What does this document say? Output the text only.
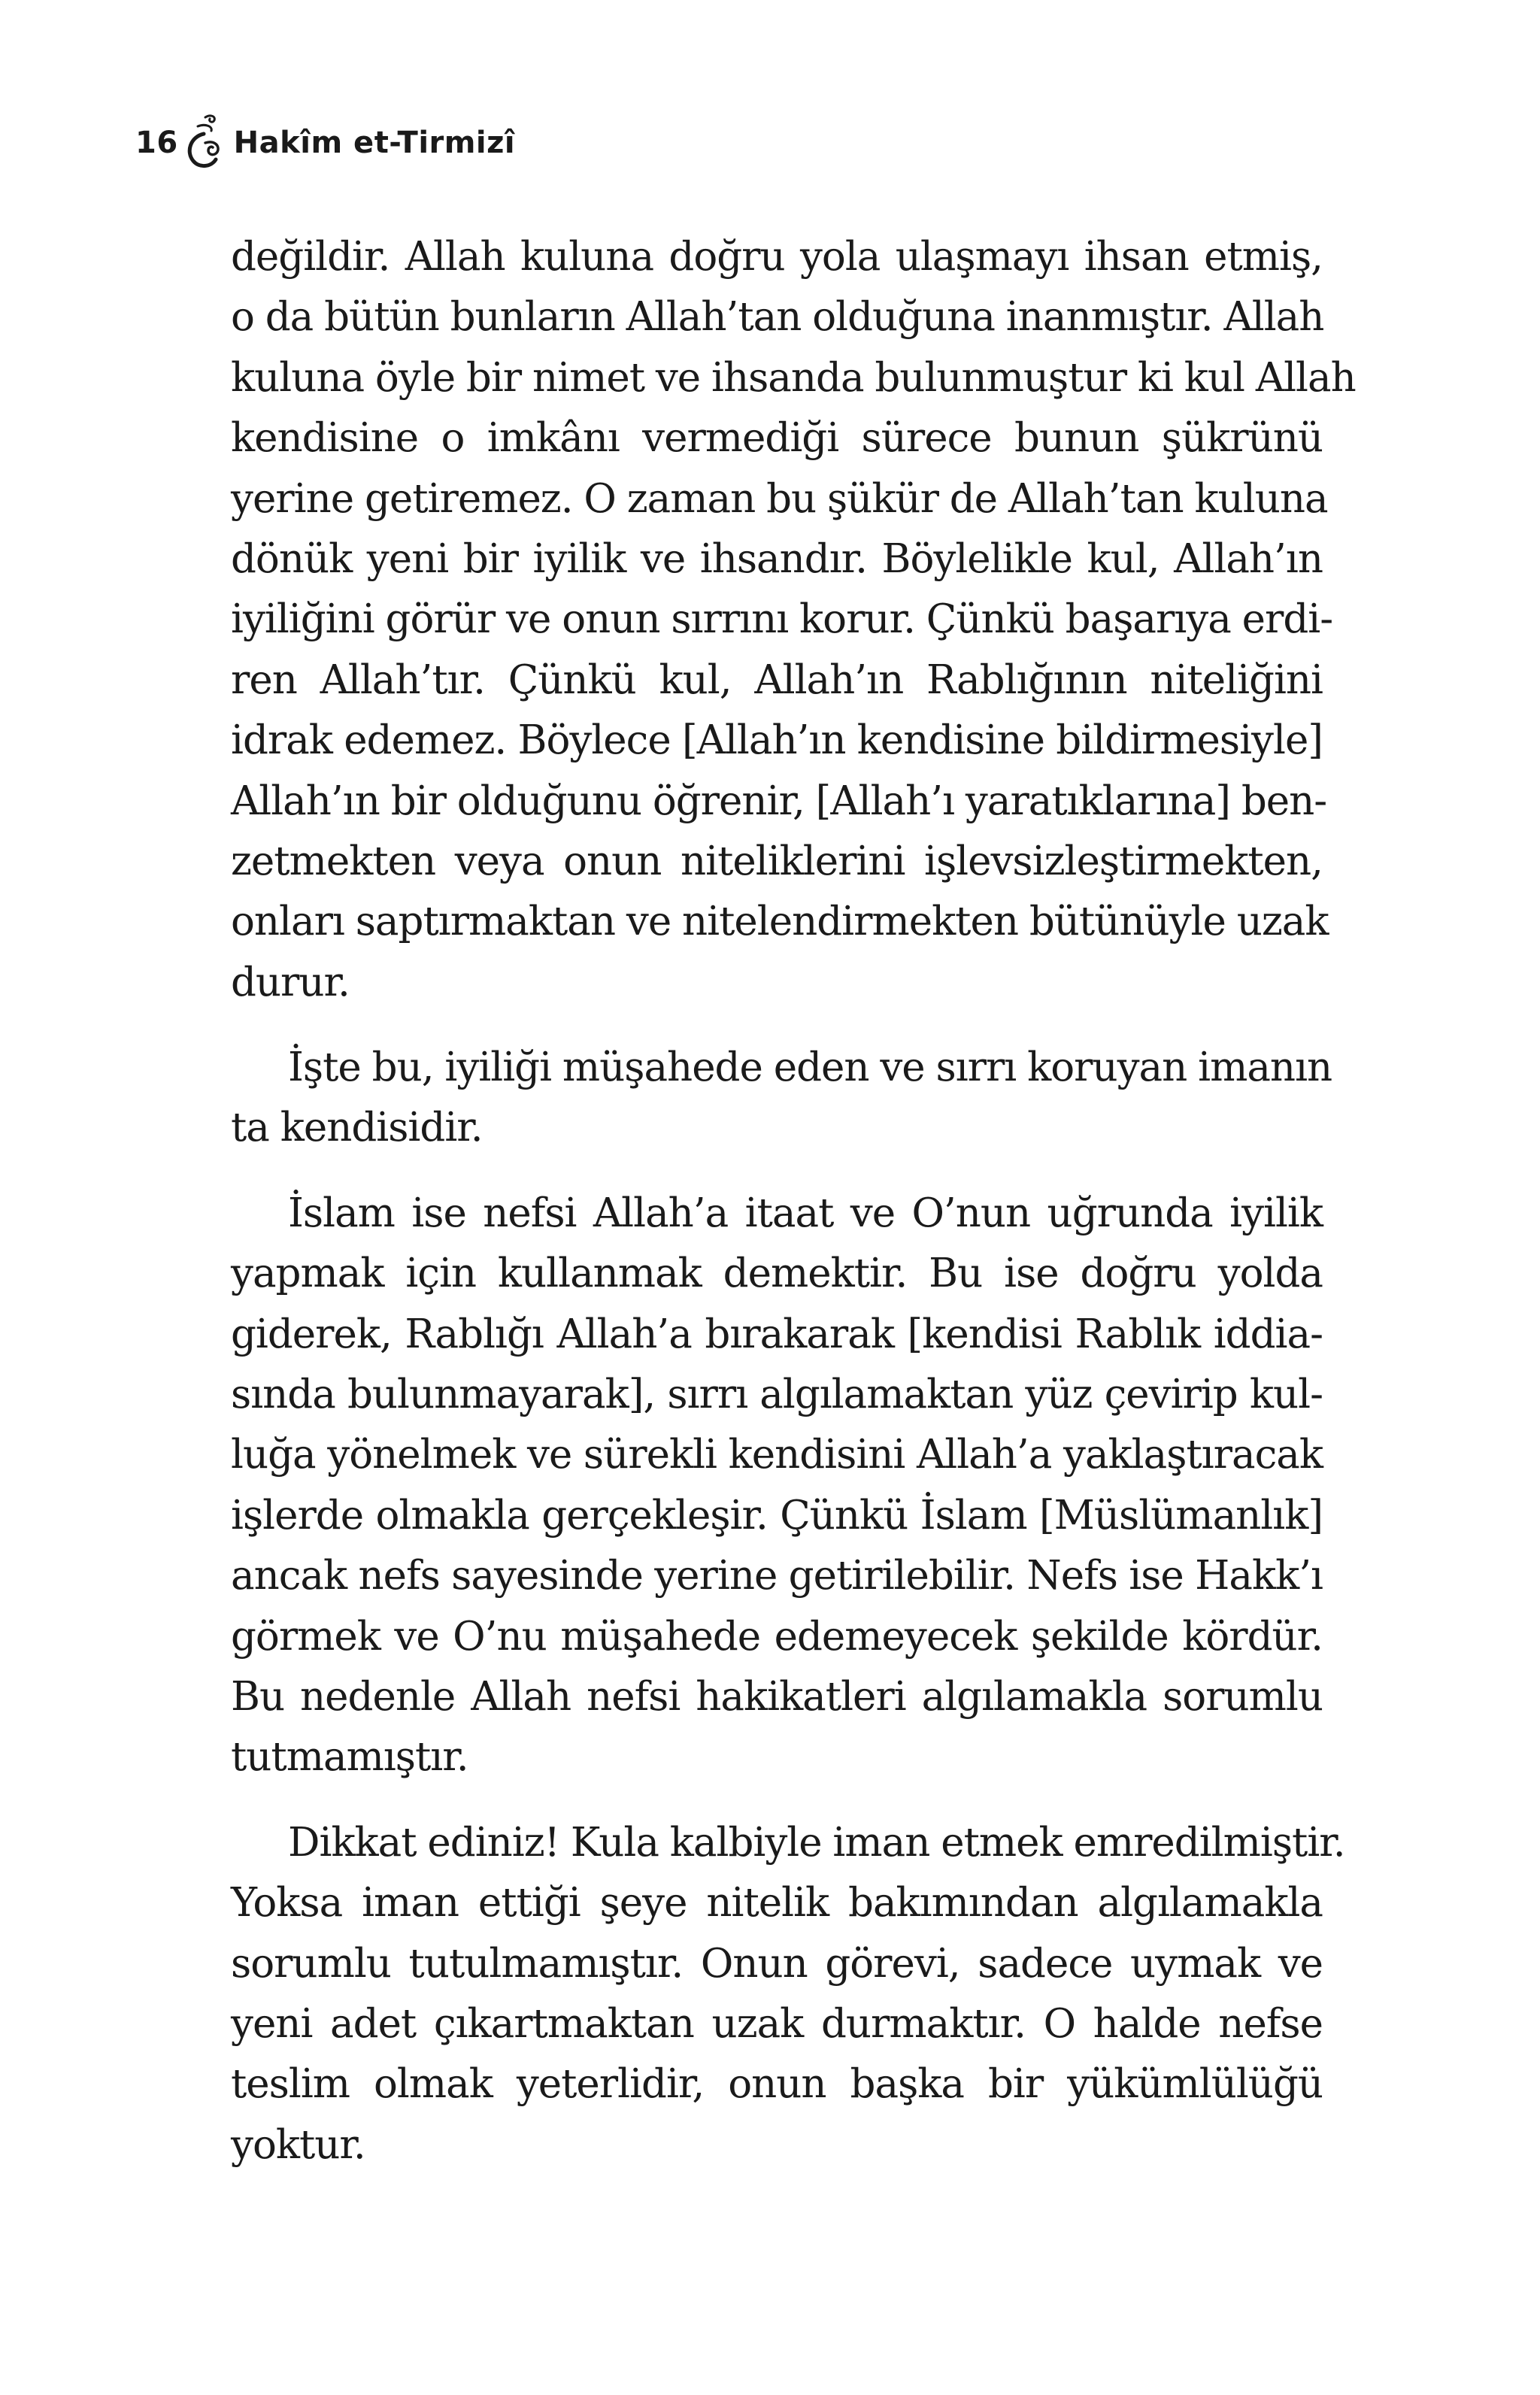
16 Hakîm et-Tirmizî
değildir. Allah kuluna doğru yola ulaşmayı ihsan etmiş,
o da bütün bunların Allah’tan olduğuna inanmıştır. Allah
kuluna öyle bir nimet ve ihsanda bulunmuştur ki kul Allah
kendisine o imkânı vermediği sürece bunun şükrünü
yerine getiremez. O zaman bu şükür de Allah’tan kuluna
dönük yeni bir iyilik ve ihsandır. Böylelikle kul, Allah’ın
iyiliğini görür ve onun sırrını korur. Çünkü başarıya erdi-
ren Allah’tır. Çünkü kul, Allah’ın Rablığının niteliğini
idrak edemez. Böylece [Allah’ın kendisine bildirmesiyle]
Allah’ın bir olduğunu öğrenir, [Allah’ı yaratıklarına] ben-
zetmekten veya onun niteliklerini işlevsizleştirmekten,
onları saptırmaktan ve nitelendirmekten bütünüyle uzak
durur.
İşte bu, iyiliği müşahede eden ve sırrı koruyan imanın
ta kendisidir.
İslam ise nefsi Allah’a itaat ve O’nun uğrunda iyilik
yapmak için kullanmak demektir. Bu ise doğru yolda
giderek, Rablığı Allah’a bırakarak [kendisi Rablık iddia-
sında bulunmayarak], sırrı algılamaktan yüz çevirip kul-
luğa yönelmek ve sürekli kendisini Allah’a yaklaştıracak
işlerde olmakla gerçekleşir. Çünkü İslam [Müslümanlık]
ancak nefs sayesinde yerine getirilebilir. Nefs ise Hakk’ı
görmek ve O’nu müşahede edemeyecek şekilde kördür.
Bu nedenle Allah nefsi hakikatleri algılamakla sorumlu
tutmamıştır.
Dikkat ediniz! Kula kalbiyle iman etmek emredilmiştir.
Yoksa iman ettiği şeye nitelik bakımından algılamakla
sorumlu tutulmamıştır. Onun görevi, sadece uymak ve
yeni adet çıkartmaktan uzak durmaktır. O halde nefse
teslim olmak yeterlidir, onun başka bir yükümlülüğü
yoktur.
